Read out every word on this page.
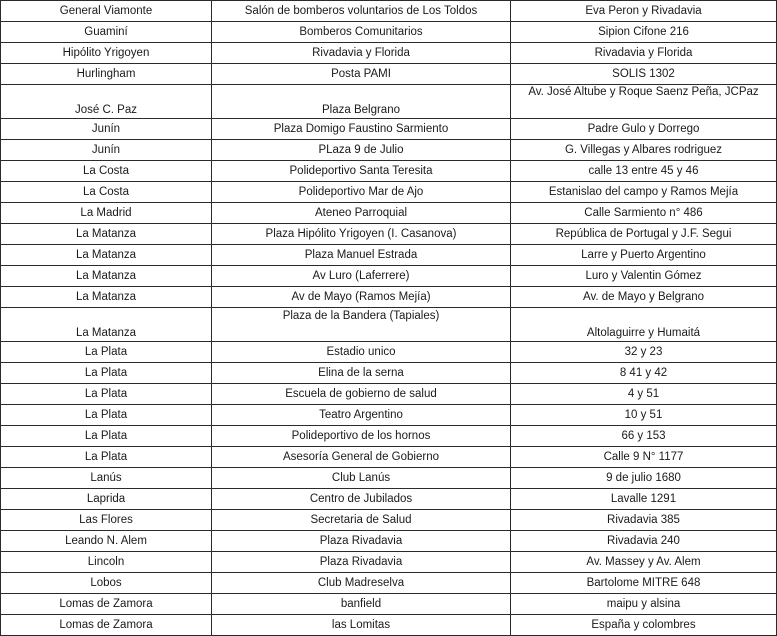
General Viamonte	Salón de bomberos voluntarios de Los Toldos	Eva Peron y Rivadavia
Guaminí	Bomberos Comunitarios	Sipion Cifone 216
Hipólito Yrigoyen	Rivadavia y Florida	Rivadavia y Florida
Hurlingham	Posta PAMI	SOLIS 1302
José C. Paz	Plaza Belgrano	Av. José Altube y Roque Saenz Peña, JCPaz
Junín	Plaza Domigo Faustino Sarmiento	Padre Gulo y Dorrego
Junín	PLaza 9 de Julio	G. Villegas y Albares rodriguez
La Costa	Polideportivo Santa Teresita	calle 13 entre 45 y 46
La Costa	Polideportivo Mar de Ajo	Estanislao del campo y Ramos Mejía
La Madrid	Ateneo Parroquial	Calle Sarmiento n° 486
La Matanza	Plaza Hipólito Yrigoyen (I. Casanova)	República de Portugal y J.F. Segui
La Matanza	Plaza Manuel Estrada	Larre y Puerto Argentino
La Matanza	Av Luro (Laferrere)	Luro y Valentin Gómez
La Matanza	Av de Mayo (Ramos Mejía)	Av. de Mayo y Belgrano
La Matanza	Plaza de la Bandera (Tapiales)	Altolaguirre y Humaitá
La Plata	Estadio unico	32 y 23
La Plata	Elina de la serna	8 41 y 42
La Plata	Escuela de gobierno de salud	4 y 51
La Plata	Teatro Argentino	10 y 51
La Plata	Polideportivo de los hornos	66 y 153
La Plata	Asesoría General de Gobierno	Calle 9 N° 1177
Lanús	Club Lanús	9 de julio 1680
Laprida	Centro de Jubilados	Lavalle 1291
Las Flores	Secretaria de Salud	Rivadavia 385
Leando N. Alem	Plaza Rivadavia	Rivadavia 240
Lincoln	Plaza Rivadavia	Av. Massey y Av. Alem
Lobos	Club Madreselva	Bartolome MITRE 648
Lomas de Zamora	banfield	maipu y alsina
Lomas de Zamora	las Lomitas	España y colombres
